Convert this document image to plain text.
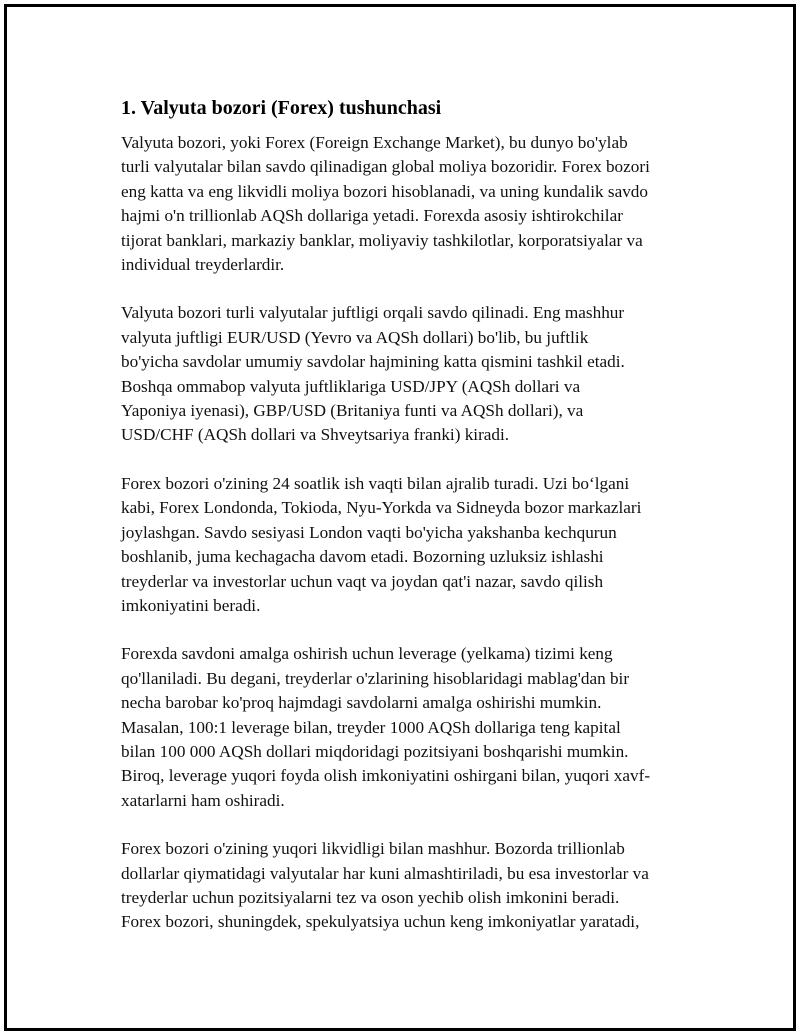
1. Valyuta bozori (Forex) tushunchasi

Valyuta bozori, yoki Forex (Foreign Exchange Market), bu dunyo bo'ylab
turli valyutalar bilan savdo qilinadigan global moliya bozoridir. Forex bozori
eng katta va eng likvidli moliya bozori hisoblanadi, va uning kundalik savdo
hajmi o'n trillionlab AQSh dollariga yetadi. Forexda asosiy ishtirokchilar
tijorat banklari, markaziy banklar, moliyaviy tashkilotlar, korporatsiyalar va
individual treyderlardir.

Valyuta bozori turli valyutalar juftligi orqali savdo qilinadi. Eng mashhur
valyuta juftligi EUR/USD (Yevro va AQSh dollari) bo'lib, bu juftlik
bo'yicha savdolar umumiy savdolar hajmining katta qismini tashkil etadi.
Boshqa ommabop valyuta juftliklariga USD/JPY (AQSh dollari va
Yaponiya iyenasi), GBP/USD (Britaniya funti va AQSh dollari), va
USD/CHF (AQSh dollari va Shveytsariya franki) kiradi.

Forex bozori o'zining 24 soatlik ish vaqti bilan ajralib turadi. Uzi bo‘lgani
kabi, Forex Londonda, Tokioda, Nyu-Yorkda va Sidneyda bozor markazlari
joylashgan. Savdo sesiyasi London vaqti bo'yicha yakshanba kechqurun
boshlanib, juma kechagacha davom etadi. Bozorning uzluksiz ishlashi
treyderlar va investorlar uchun vaqt va joydan qat'i nazar, savdo qilish
imkoniyatini beradi.

Forexda savdoni amalga oshirish uchun leverage (yelkama) tizimi keng
qo'llaniladi. Bu degani, treyderlar o'zlarining hisoblaridagi mablag'dan bir
necha barobar ko'proq hajmdagi savdolarni amalga oshirishi mumkin.
Masalan, 100:1 leverage bilan, treyder 1000 AQSh dollariga teng kapital
bilan 100 000 AQSh dollari miqdoridagi pozitsiyani boshqarishi mumkin.
Biroq, leverage yuqori foyda olish imkoniyatini oshirgani bilan, yuqori xavf-
xatarlarni ham oshiradi.

Forex bozori o'zining yuqori likvidligi bilan mashhur. Bozorda trillionlab
dollarlar qiymatidagi valyutalar har kuni almashtiriladi, bu esa investorlar va
treyderlar uchun pozitsiyalarni tez va oson yechib olish imkonini beradi.
Forex bozori, shuningdek, spekulyatsiya uchun keng imkoniyatlar yaratadi,
